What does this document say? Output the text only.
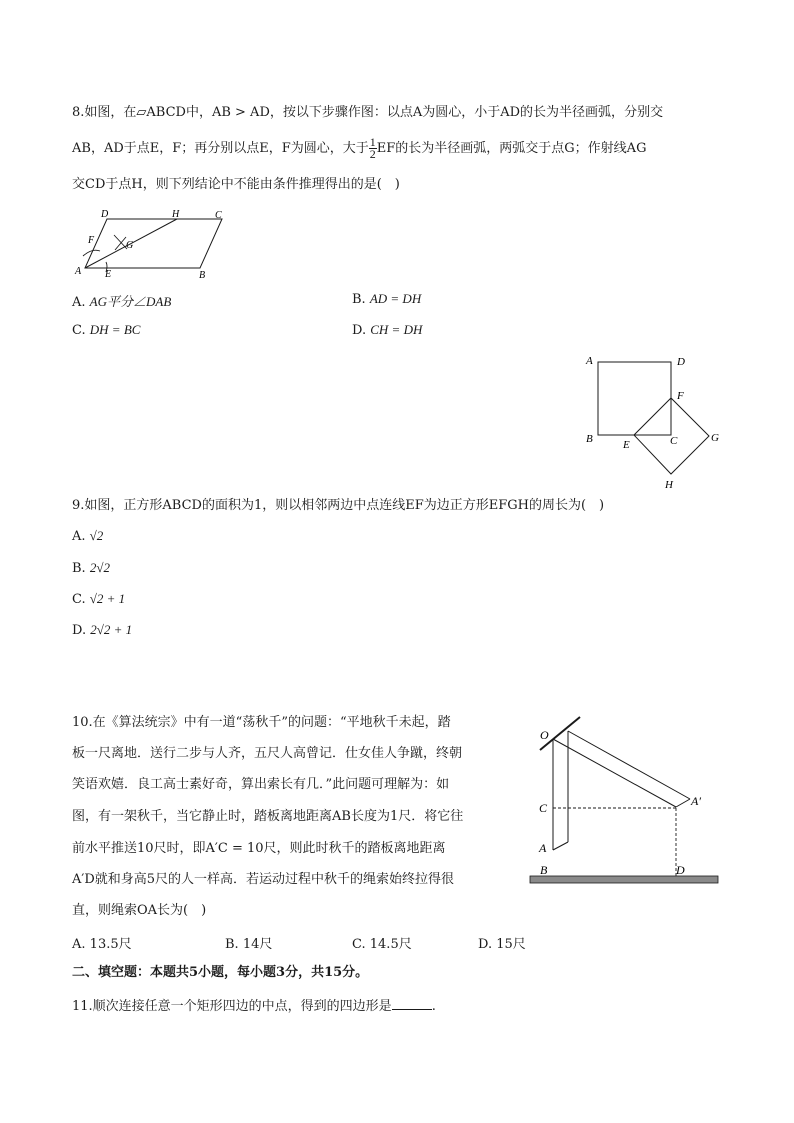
8.如图，在▱ABCD中，AB > AD，按以下步骤作图：以点A为圆心，小于AD的长为半径画弧，分别交
AB，AD于点E，F；再分别以点E，F为圆心，大于 $\frac{1}{2}$ EF的长为半径画弧，两弧交于点G；作射线AG
交CD于点H，则下列结论中不能由条件推理得出的是(　)
A	B
C
D
E
F	G
H
A. AG平分∠DAB	B. AD = DH
C. DH = BC	D. CH = DH
A
B	C
D
E
F
G
H
9.如图，正方形ABCD的面积为1，则以相邻两边中点连线EF为边正方形EFGH的周长为(　)
A. √2
B. 2√2
C. √2 + 1
D. 2√2 + 1
10.在《算法统宗》中有一道“荡秋千”的问题：“平地秋千未起，踏
板一尺离地．送行二步与人齐，五尺人高曾记．仕女佳人争蹴，终朝
笑语欢嬉．良工高士素好奇，算出索长有几．”此问题可理解为：如
图，有一架秋千，当它静止时，踏板离地距离AB长度为1尺．将它往
前水平推送10尺时，即A′C = 10尺，则此时秋千的踏板离地距离
A′D就和身高5尺的人一样高．若运动过程中秋千的绳索始终拉得很
直，则绳索OA长为(　)
O
C
A
B	D
A′
A. 13.5尺	B. 14尺	C. 14.5尺	D. 15尺
二、填空题：本题共5小题，每小题3分，共15分。
11.顺次连接任意一个矩形四边的中点，得到的四边形是	.
